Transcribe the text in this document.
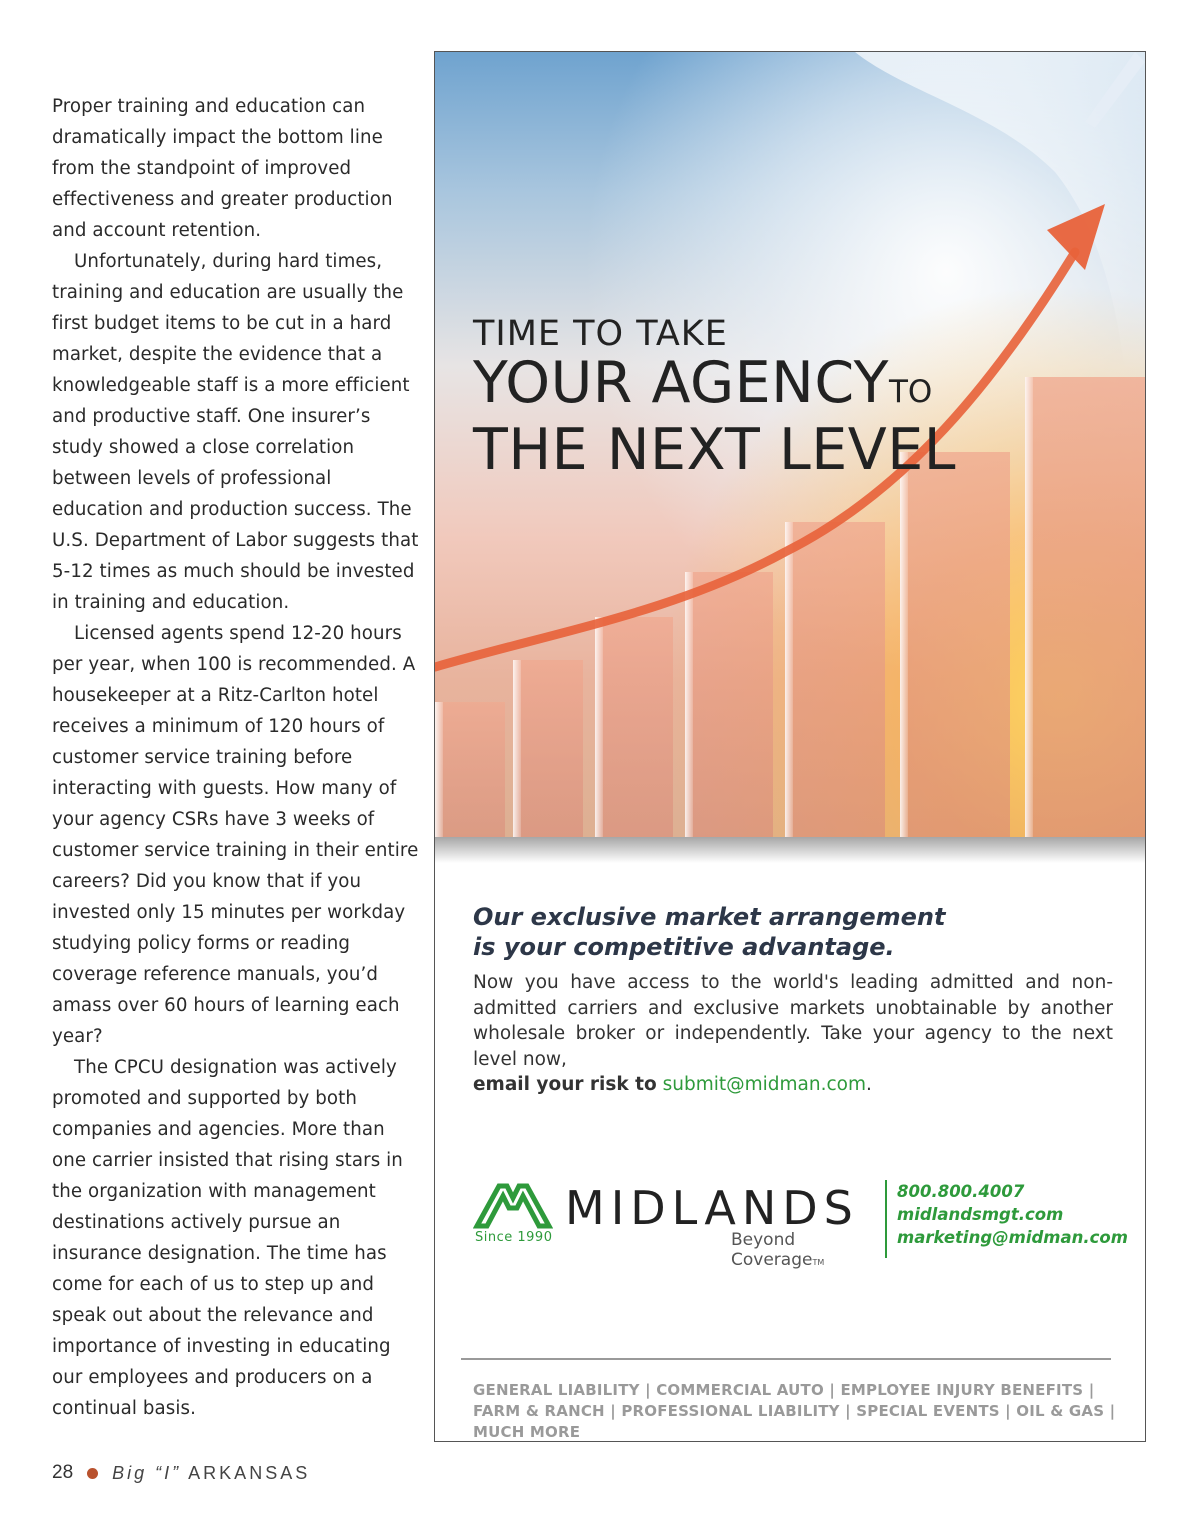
Proper training and education can dramatically impact the bottom line from the standpoint of improved effectiveness and greater production and account retention.

Unfortunately, during hard times, training and education are usually the first budget items to be cut in a hard market, despite the evidence that a knowledgeable staff is a more efficient and productive staff. One insurer’s study showed a close correlation between levels of professional education and production success. The U.S. Department of Labor suggests that 5-12 times as much should be invested in training and education.

Licensed agents spend 12-20 hours per year, when 100 is recommended. A housekeeper at a Ritz-Carlton hotel receives a minimum of 120 hours of customer service training before interacting with guests. How many of your agency CSRs have 3 weeks of customer service training in their entire careers? Did you know that if you invested only 15 minutes per workday studying policy forms or reading coverage reference manuals, you’d amass over 60 hours of learning each year?

The CPCU designation was actively promoted and supported by both companies and agencies. More than one carrier insisted that rising stars in the organization with management destinations actively pursue an insurance designation. The time has come for each of us to step up and speak out about the relevance and importance of investing in educating our employees and producers on a continual basis.

28 Big “I” ARKANSAS
TIME TO TAKE
YOUR AGENCYTO
THE NEXT LEVEL
Our exclusive market arrangement
is your competitive advantage.
Now you have access to the world's leading admitted and non-admitted carriers and exclusive markets unobtainable by another wholesale broker or independently. Take your agency to the next level now,
email your risk to submit@midman.com.
Since 1990
MIDLANDS
Beyond CoverageTM
800.800.4007
midlandsmgt.com
marketing@midman.com
GENERAL LIABILITY | COMMERCIAL AUTO | EMPLOYEE INJURY BENEFITS | FARM & RANCH | PROFESSIONAL LIABILITY | SPECIAL EVENTS | OIL & GAS | MUCH MORE
